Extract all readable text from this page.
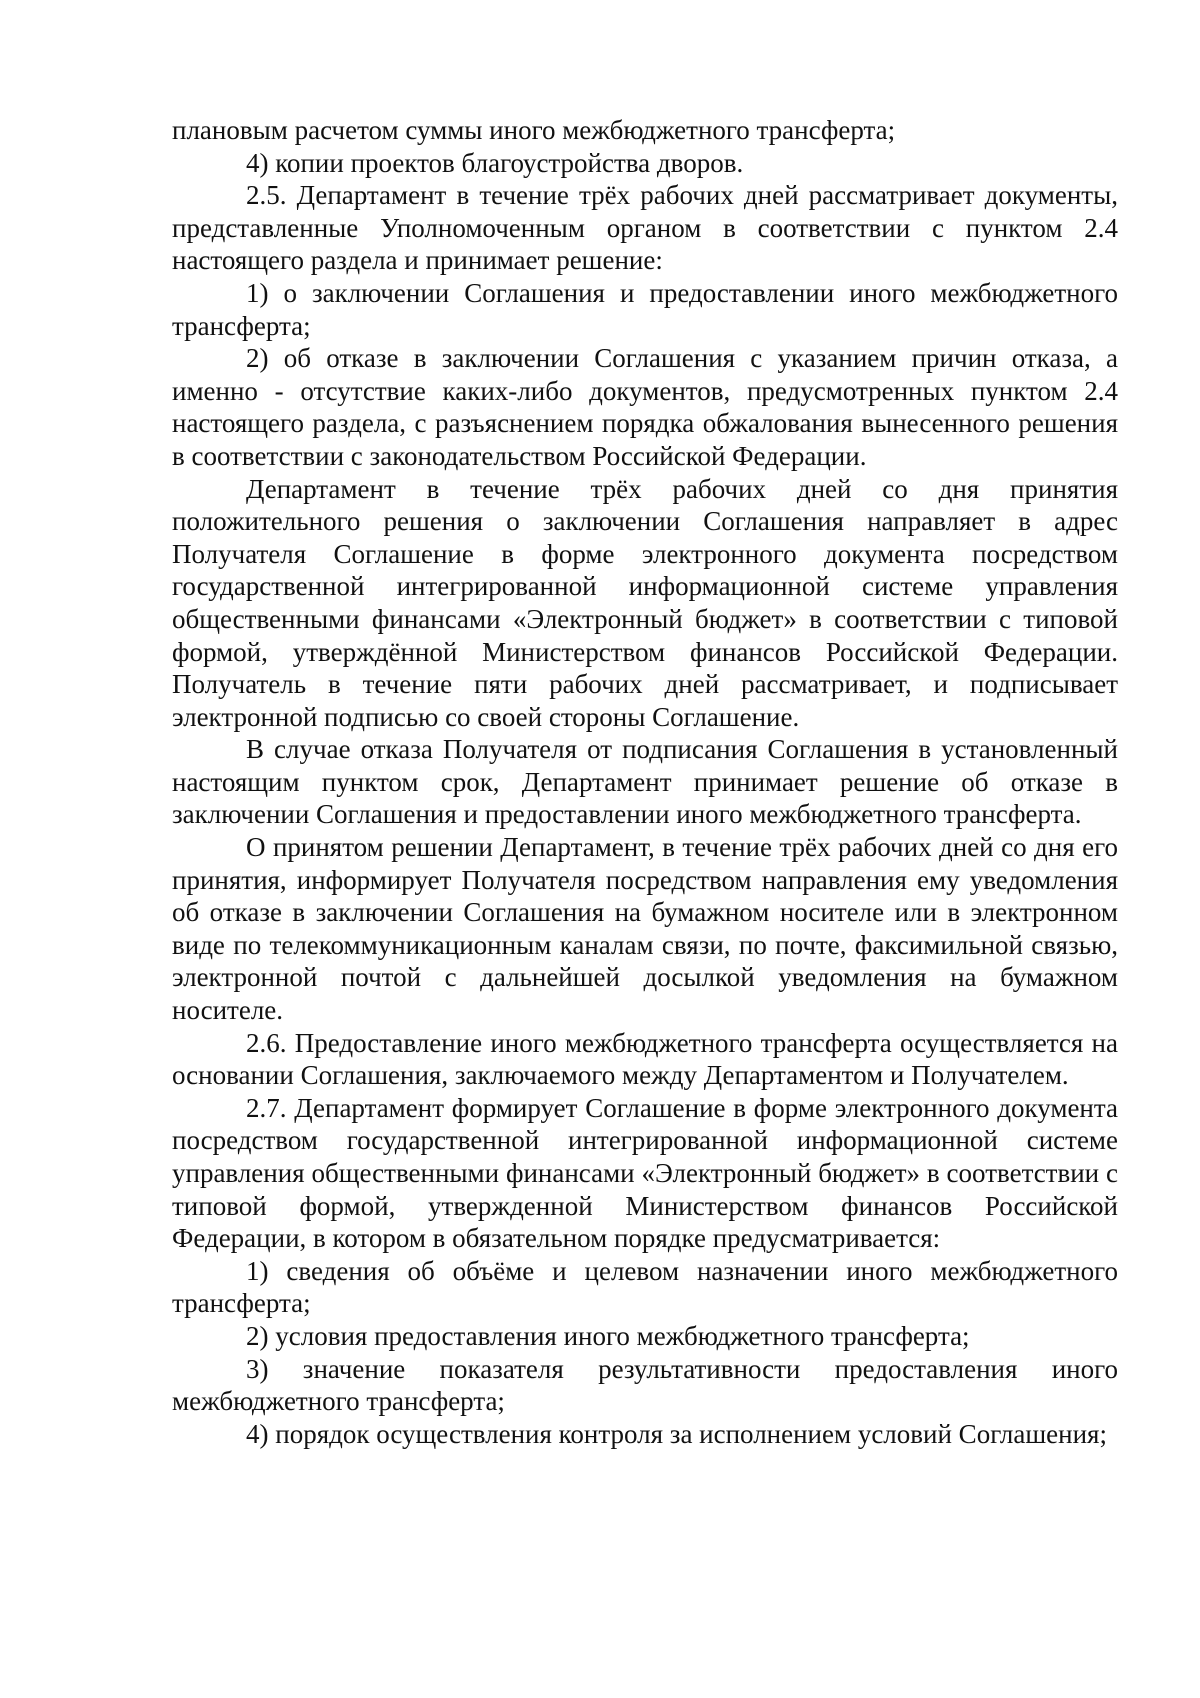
плановым расчетом суммы иного межбюджетного трансферта;

4) копии проектов благоустройства дворов.

2.5. Департамент в течение трёх рабочих дней рассматривает документы, представленные Уполномоченным органом в соответствии с пунктом 2.4 настоящего раздела и принимает решение:

1) о заключении Соглашения и предоставлении иного межбюджетного трансферта;

2) об отказе в заключении Соглашения с указанием причин отказа, а именно - отсутствие каких-либо документов, предусмотренных пунктом 2.4 настоящего раздела, с разъяснением порядка обжалования вынесенного решения в соответствии с законодательством Российской Федерации.

Департамент в течение трёх рабочих дней со дня принятия положительного решения о заключении Соглашения направляет в адрес Получателя Соглашение в форме электронного документа посредством государственной интегрированной информационной системе управления общественными финансами «Электронный бюджет» в соответствии с типовой формой, утверждённой Министерством финансов Российской Федерации. Получатель в течение пяти рабочих дней рассматривает, и подписывает электронной подписью со своей стороны Соглашение.

В случае отказа Получателя от подписания Соглашения в установленный настоящим пунктом срок, Департамент принимает решение об отказе в заключении Соглашения и предоставлении иного межбюджетного трансферта.

О принятом решении Департамент, в течение трёх рабочих дней со дня его принятия, информирует Получателя посредством направления ему уведомления об отказе в заключении Соглашения на бумажном носителе или в электронном виде по телекоммуникационным каналам связи, по почте, факсимильной связью, электронной почтой с дальнейшей досылкой уведомления на бумажном носителе.

2.6. Предоставление иного межбюджетного трансферта осуществляется на основании Соглашения, заключаемого между Департаментом и Получателем.

2.7. Департамент формирует Соглашение в форме электронного документа посредством государственной интегрированной информационной системе управления общественными финансами «Электронный бюджет» в соответствии с типовой формой, утвержденной Министерством финансов Российской Федерации, в котором в обязательном порядке предусматривается:

1) сведения об объёме и целевом назначении иного межбюджетного трансферта;

2) условия предоставления иного межбюджетного трансферта;

3) значение показателя результативности предоставления иного межбюджетного трансферта;

4) порядок осуществления контроля за исполнением условий Соглашения;
